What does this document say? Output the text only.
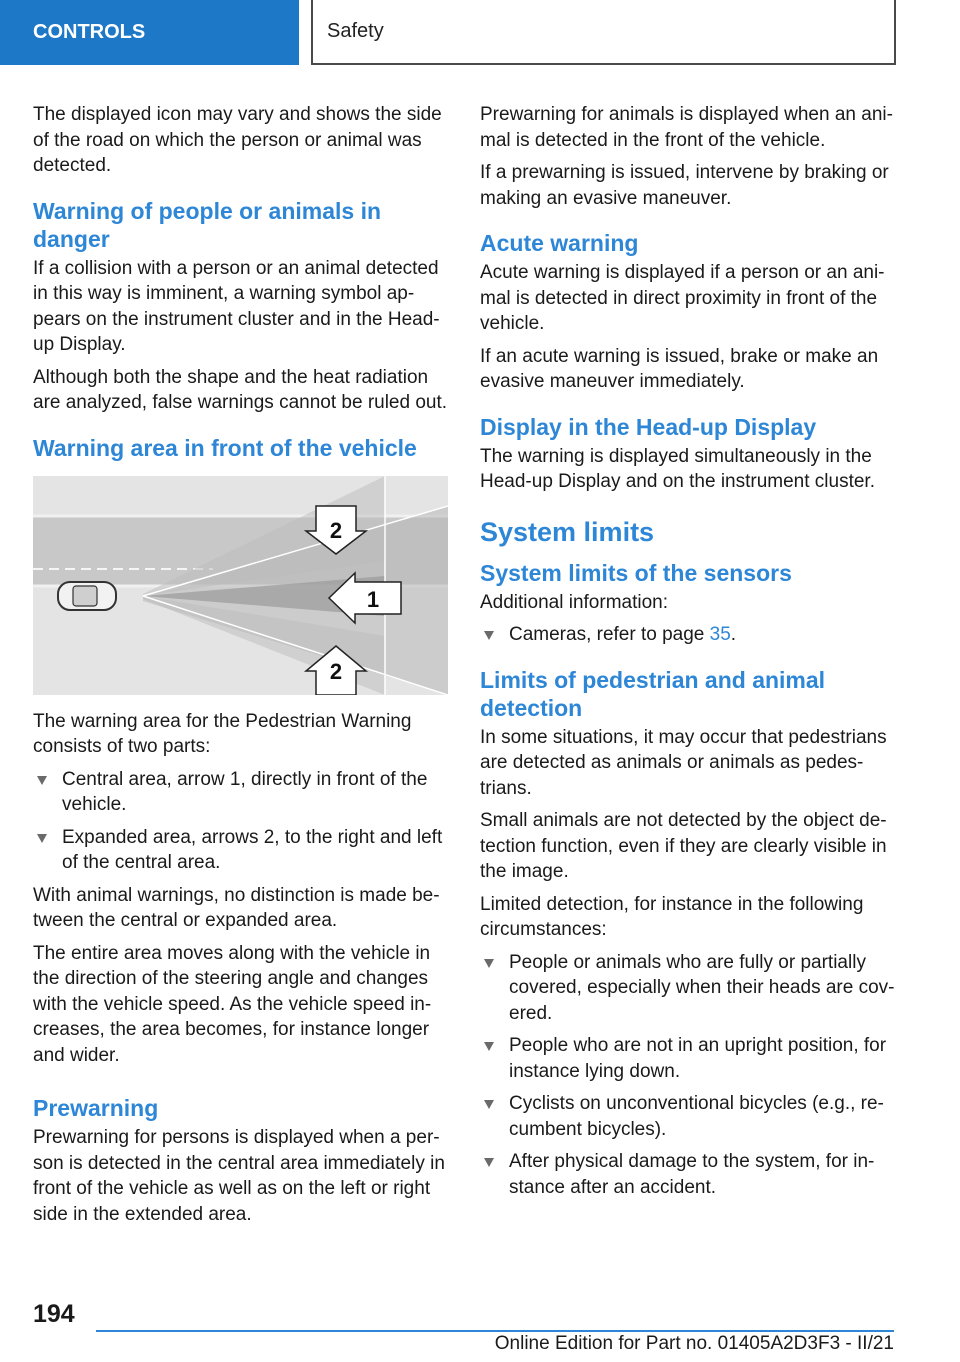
CONTROLS	Safety

The displayed icon may vary and shows the side of the road on which the person or animal was detected.

Warning of people or animals in danger

If a collision with a person or an animal detected in this way is imminent, a warning symbol ap-pears on the instrument cluster and in the Head-up Display.

Although both the shape and the heat radiation are analyzed, false warnings cannot be ruled out.

Warning area in front of the vehicle
2
1
2

The warning area for the Pedestrian Warning consists of two parts:

Central area, arrow 1, directly in front of the vehicle.
Expanded area, arrows 2, to the right and left of the central area.

With animal warnings, no distinction is made be-tween the central or expanded area.

The entire area moves along with the vehicle in the direction of the steering angle and changes with the vehicle speed. As the vehicle speed in-creases, the area becomes, for instance longer and wider.

Prewarning

Prewarning for persons is displayed when a per-son is detected in the central area immediately in front of the vehicle as well as on the left or right side in the extended area.

Prewarning for animals is displayed when an ani-mal is detected in the front of the vehicle.

If a prewarning is issued, intervene by braking or making an evasive maneuver.

Acute warning

Acute warning is displayed if a person or an ani-mal is detected in direct proximity in front of the vehicle.

If an acute warning is issued, brake or make an evasive maneuver immediately.

Display in the Head-up Display

The warning is displayed simultaneously in the Head-up Display and on the instrument cluster.

System limits
System limits of the sensors

Additional information:

Cameras, refer to page 35.
Limits of pedestrian and animal detection

In some situations, it may occur that pedestrians are detected as animals or animals as pedes-trians.

Small animals are not detected by the object de-tection function, even if they are clearly visible in the image.

Limited detection, for instance in the following circumstances:

People or animals who are fully or partially covered, especially when their heads are cov-ered.
People who are not in an upright position, for instance lying down.
Cyclists on unconventional bicycles (e.g., re-cumbent bicycles).
After physical damage to the system, for in-stance after an accident.
194
Online Edition for Part no. 01405A2D3F3 - II/21
